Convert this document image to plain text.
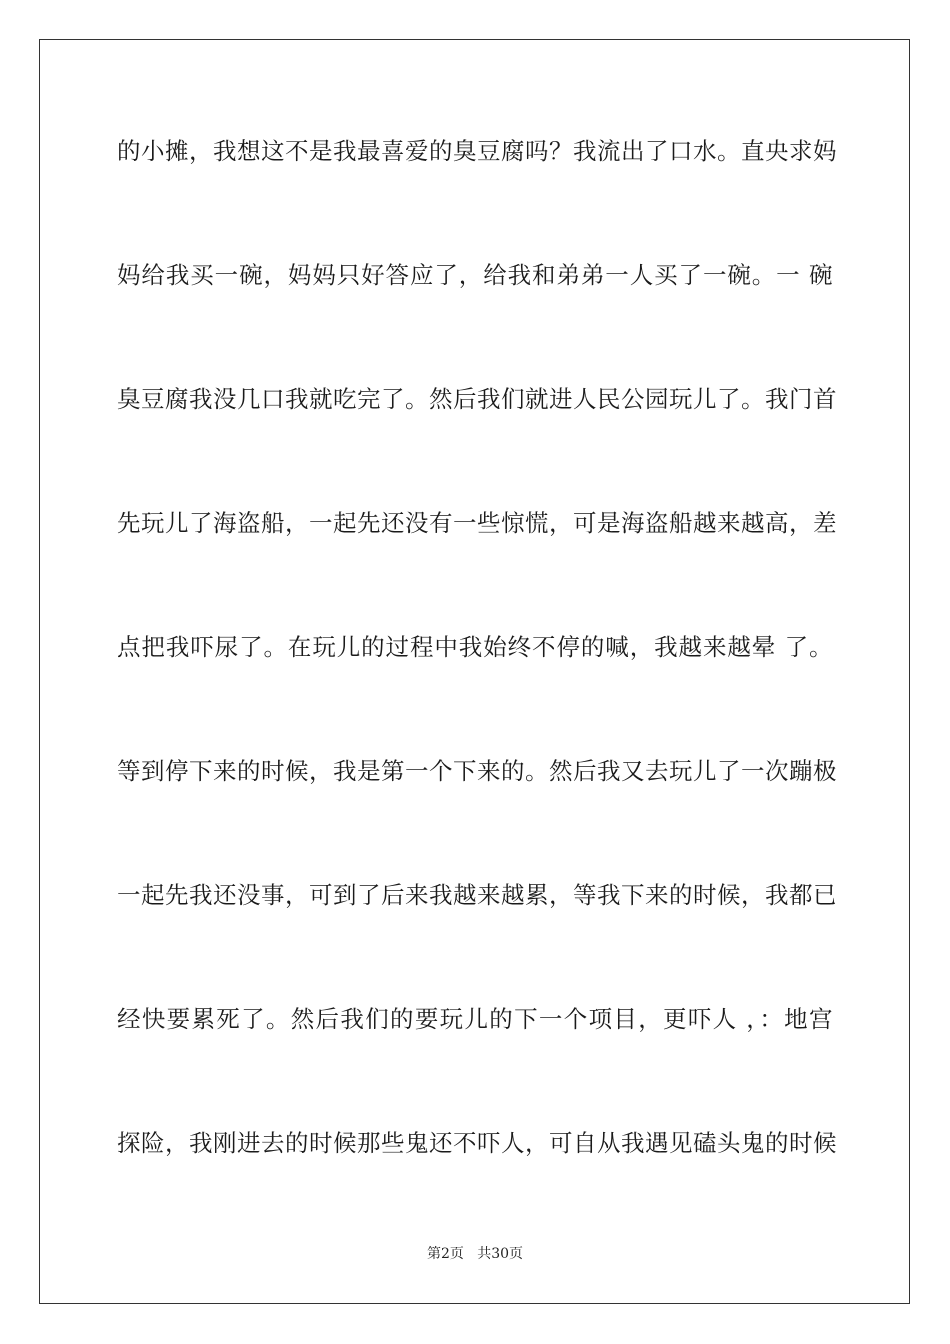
的小摊，我想这不是我最喜爱的臭豆腐吗？我流出了口水。直央求妈
妈给我买一碗，妈妈只好答应了，给我和弟弟一人买了一碗。一 碗
臭豆腐我没几口我就吃完了。然后我们就进人民公园玩儿了。我门首
先玩儿了海盗船，一起先还没有一些惊慌，可是海盗船越来越高，差
点把我吓尿了。在玩儿的过程中我始终不停的喊，我越来越晕 了。
等到停下来的时候，我是第一个下来的。然后我又去玩儿了一次蹦极
一起先我还没事，可到了后来我越来越累，等我下来的时候，我都已
经快要累死了。然后我们的要玩儿的下一个项目，更吓人 ，：地宫
探险，我刚进去的时候那些鬼还不吓人，可自从我遇见磕头鬼的时候
第2页   共30页
